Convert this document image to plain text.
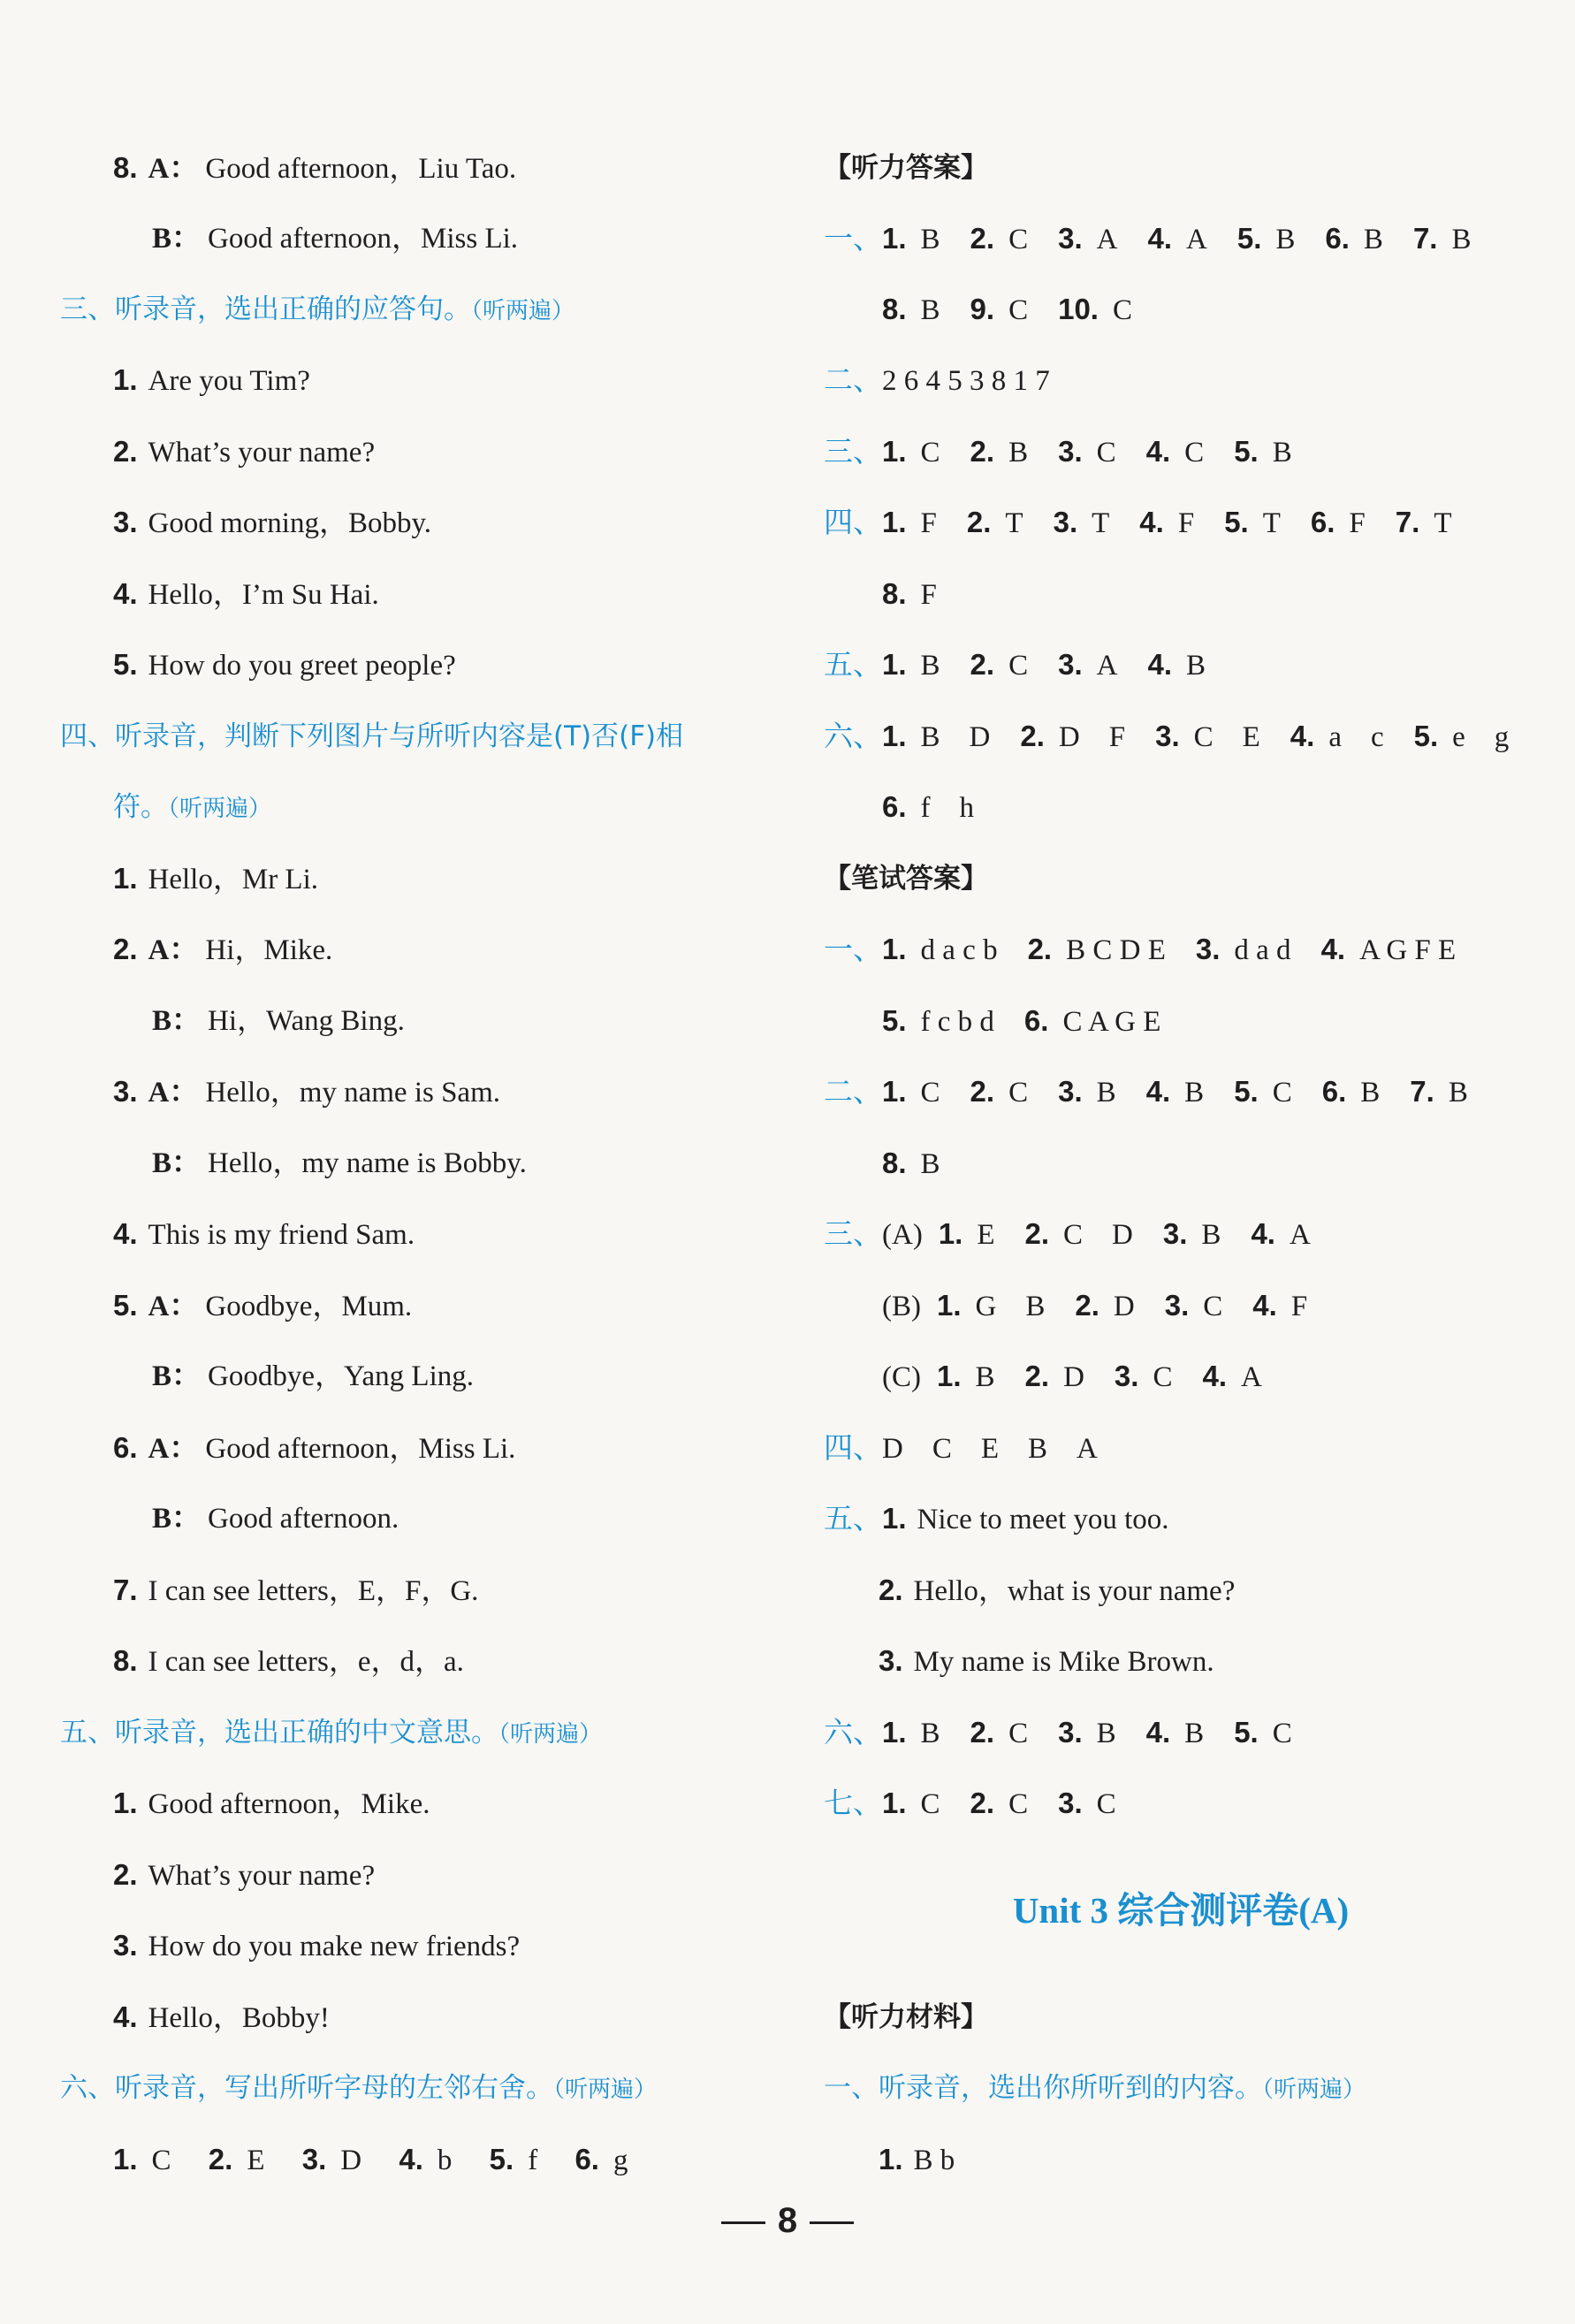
8. A： Good afternoon，Liu Tao.
B： Good afternoon，Miss Li.
三、听录音，选出正确的应答句。（听两遍）
1. Are you Tim?
2. What’s your name?
3. Good morning，Bobby.
4. Hello，I’m Su Hai.
5. How do you greet people?
四、听录音，判断下列图片与所听内容是(T)否(F)相
符。（听两遍）
1. Hello，Mr Li.
2. A： Hi，Mike.
B： Hi，Wang Bing.
3. A： Hello，my name is Sam.
B： Hello，my name is Bobby.
4. This is my friend Sam.
5. A： Goodbye，Mum.
B： Goodbye，Yang Ling.
6. A： Good afternoon，Miss Li.
B： Good afternoon.
7. I can see letters，E，F，G.
8. I can see letters，e，d，a.
五、听录音，选出正确的中文意思。（听两遍）
1. Good afternoon，Mike.
2. What’s your name?
3. How do you make new friends?
4. Hello，Bobby!
六、听录音，写出所听字母的左邻右舍。（听两遍）
1. C 2. E 3. D 4. b 5. f 6. g
【听力答案】
一、1. B 2. C 3. A 4. A 5. B 6. B 7. B
8. B 9. C 10. C
二、2 6 4 5 3 8 1 7
三、1. C 2. B 3. C 4. C 5. B
四、1. F 2. T 3. T 4. F 5. T 6. F 7. T
8. F
五、1. B 2. C 3. A 4. B
六、1. B　D 2. D　F 3. C　E 4. a　c 5. e　g
6. f　h
【笔试答案】
一、1. d a c b 2. B C D E 3. d a d 4. A G F E
5. f c b d 6. C A G E
二、1. C 2. C 3. B 4. B 5. C 6. B 7. B
8. B
三、(A) 1. E 2. C　D 3. B 4. A
(B) 1. G　B 2. D 3. C 4. F
(C) 1. B 2. D 3. C 4. A
四、D　C　E　B　A
五、1. Nice to meet you too.
2. Hello，what is your name?
3. My name is Mike Brown.
六、1. B 2. C 3. B 4. B 5. C
七、1. C 2. C 3. C
Unit 3 综合测评卷(A)
【听力材料】
一、听录音，选出你所听到的内容。（听两遍）
1. B b
8
